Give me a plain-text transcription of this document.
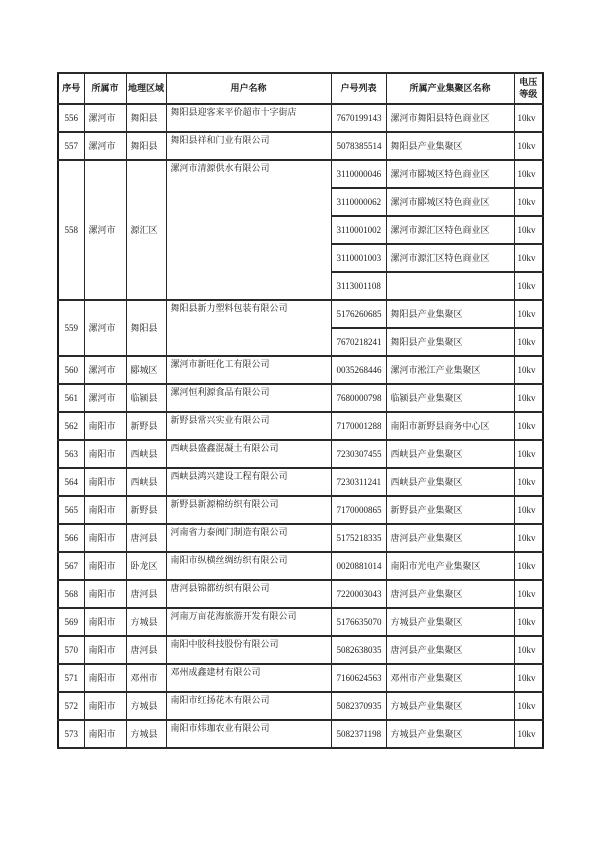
序号	所属市	地理区域	用户名称	户号列表	所属产业集聚区名称	电压等级
556	漯河市	舞阳县	舞阳县迎客来平价超市十字街店	7670199143	漯河市舞阳县特色商业区	10kv
557	漯河市	舞阳县	舞阳县祥和门业有限公司	5078385514	舞阳县产业集聚区	10kv
558	漯河市	源汇区	漯河市清源供水有限公司	3110000046	漯河市郾城区特色商业区	10kv
				3110000062	漯河市郾城区特色商业区	10kv
				3110001002	漯河市源汇区特色商业区	10kv
				3110001003	漯河市源汇区特色商业区	10kv
				3113001108		10kv
559	漯河市	舞阳县	舞阳县新力塑料包装有限公司	5176260685	舞阳县产业集聚区	10kv
				7670218241	舞阳县产业集聚区	10kv
560	漯河市	郾城区	漯河市新旺化工有限公司	0035268446	漯河市淞江产业集聚区	10kv
561	漯河市	临颍县	漯河恒利源食品有限公司	7680000798	临颍县产业集聚区	10kv
562	南阳市	新野县	新野县常兴实业有限公司	7170001288	南阳市新野县商务中心区	10kv
563	南阳市	西峡县	西峡县盛鑫混凝土有限公司	7230307455	西峡县产业集聚区	10kv
564	南阳市	西峡县	西峡县鸿兴建设工程有限公司	7230311241	西峡县产业集聚区	10kv
565	南阳市	新野县	新野县新源棉纺织有限公司	7170000865	新野县产业集聚区	10kv
566	南阳市	唐河县	河南省力泰阀门制造有限公司	5175218335	唐河县产业集聚区	10kv
567	南阳市	卧龙区	南阳市纵横丝绸纺织有限公司	0020881014	南阳市光电产业集聚区	10kv
568	南阳市	唐河县	唐河县锦都纺织有限公司	7220003043	唐河县产业集聚区	10kv
569	南阳市	方城县	河南万亩花海旅游开发有限公司	5176635070	方城县产业集聚区	10kv
570	南阳市	唐河县	南阳中胶科技股份有限公司	5082638035	唐河县产业集聚区	10kv
571	南阳市	邓州市	邓州成鑫建材有限公司	7160624563	邓州市产业集聚区	10kv
572	南阳市	方城县	南阳市红扬花木有限公司	5082370935	方城县产业集聚区	10kv
573	南阳市	方城县	南阳市炜珈农业有限公司	5082371198	方城县产业集聚区	10kv
